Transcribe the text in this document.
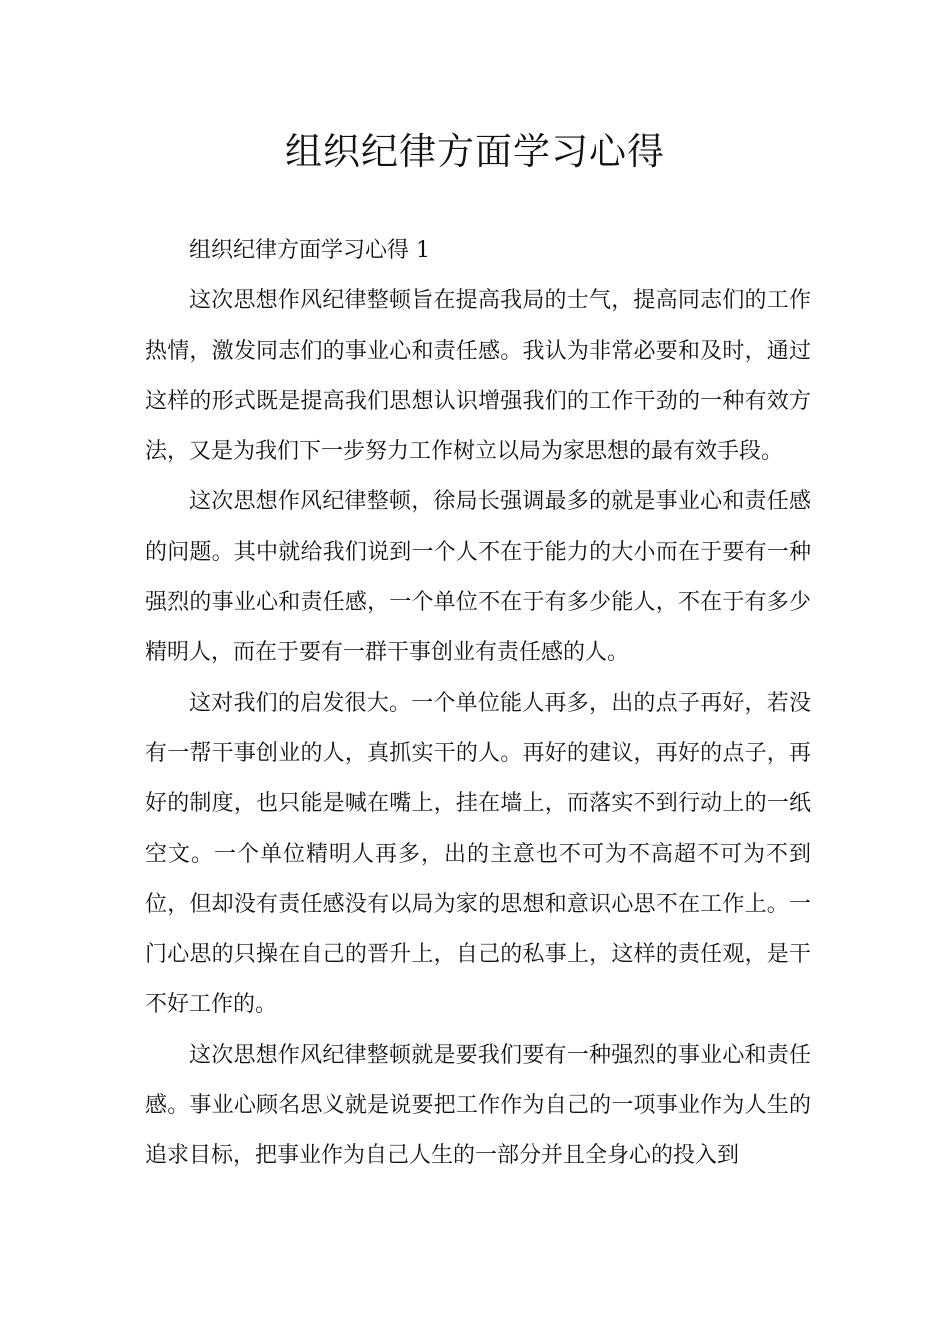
组织纪律方面学习心得

组织纪律方面学习心得 1

这次思想作风纪律整顿旨在提高我局的士气，提高同志们的工作热情，激发同志们的事业心和责任感。我认为非常必要和及时，通过这样的形式既是提高我们思想认识增强我们的工作干劲的一种有效方法，又是为我们下一步努力工作树立以局为家思想的最有效手段。

这次思想作风纪律整顿，徐局长强调最多的就是事业心和责任感的问题。其中就给我们说到一个人不在于能力的大小而在于要有一种强烈的事业心和责任感，一个单位不在于有多少能人，不在于有多少精明人，而在于要有一群干事创业有责任感的人。

这对我们的启发很大。一个单位能人再多，出的点子再好，若没有一帮干事创业的人，真抓实干的人。再好的建议，再好的点子，再好的制度，也只能是喊在嘴上，挂在墙上，而落实不到行动上的一纸空文。一个单位精明人再多，出的主意也不可为不高超不可为不到位，但却没有责任感没有以局为家的思想和意识心思不在工作上。一门心思的只操在自己的晋升上，自己的私事上，这样的责任观，是干不好工作的。

这次思想作风纪律整顿就是要我们要有一种强烈的事业心和责任感。事业心顾名思义就是说要把工作作为自己的一项事业作为人生的追求目标，把事业作为自己人生的一部分并且全身心的投入到
